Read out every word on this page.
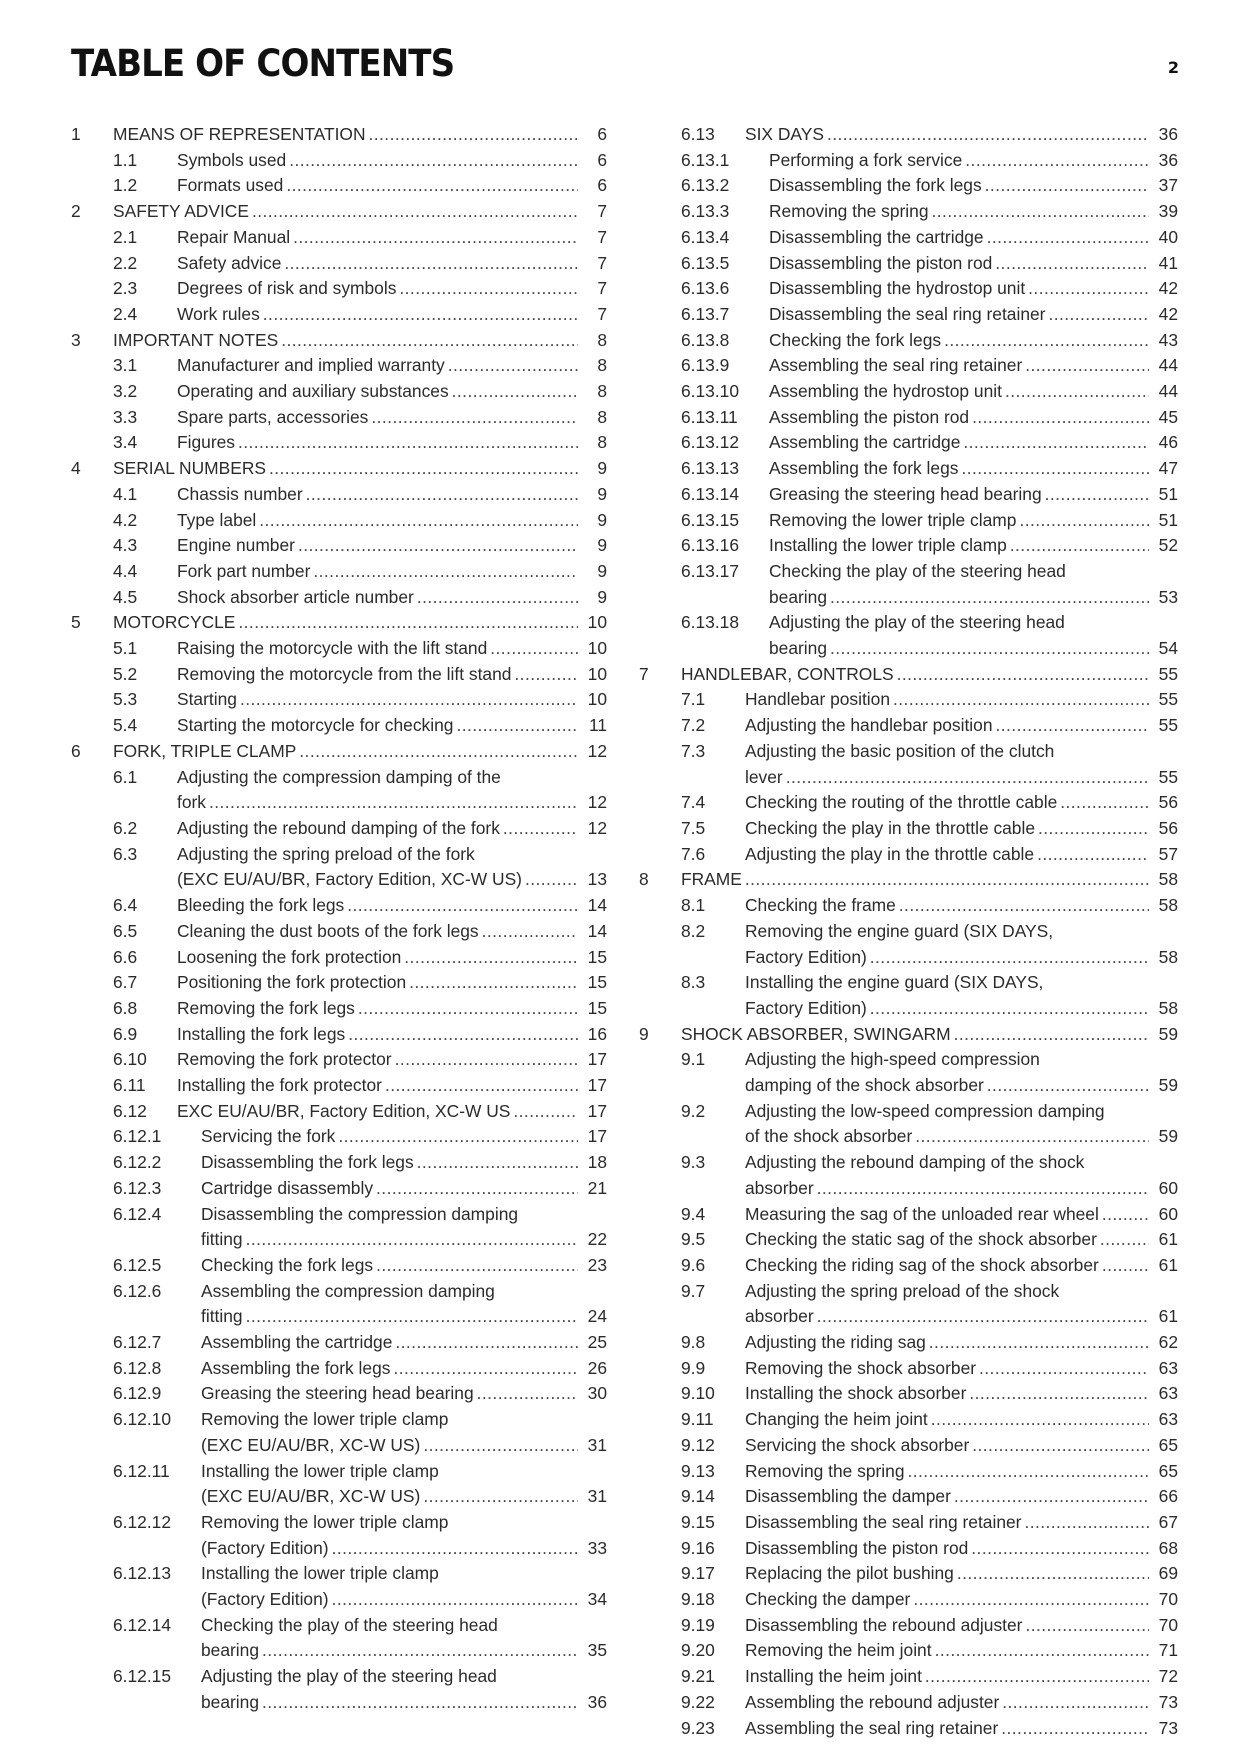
TABLE OF CONTENTS	2
1 MEANS OF REPRESENTATION . . .	6
1.1 Symbols used . . .	6
1.2 Formats used . . .	6
2 SAFETY ADVICE . . .	7
2.1 Repair Manual . . .	7
2.2 Safety advice . . .	7
2.3 Degrees of risk and symbols . . .	7
2.4 Work rules . . .	7
3 IMPORTANT NOTES . . .	8
3.1 Manufacturer and implied warranty . . .	8
3.2 Operating and auxiliary substances . . .	8
3.3 Spare parts, accessories . . .	8
3.4 Figures . . .	8
4 SERIAL NUMBERS . . .	9
4.1 Chassis number . . .	9
4.2 Type label . . .	9
4.3 Engine number . . .	9
4.4 Fork part number . . .	9
4.5 Shock absorber article number . . .	9
5 MOTORCYCLE . . .	10
5.1 Raising the motorcycle with the lift stand . . .	10
5.2 Removing the motorcycle from the lift stand . . .	10
5.3 Starting . . .	10
5.4 Starting the motorcycle for checking . . .	11
6 FORK, TRIPLE CLAMP . . .	12
6.1 Adjusting the compression damping of the
fork . . .	12
6.2 Adjusting the rebound damping of the fork . . .	12
6.3 Adjusting the spring preload of the fork
(EXC EU/AU/BR, Factory Edition, XC-W US) . . .	13
6.4 Bleeding the fork legs . . .	14
6.5 Cleaning the dust boots of the fork legs . . .	14
6.6 Loosening the fork protection . . .	15
6.7 Positioning the fork protection . . .	15
6.8 Removing the fork legs . . .	15
6.9 Installing the fork legs . . .	16
6.10 Removing the fork protector . . .	17
6.11 Installing the fork protector . . .	17
6.12 EXC EU/AU/BR, Factory Edition, XC-W US . . .	17
6.12.1 Servicing the fork . . .	17
6.12.2 Disassembling the fork legs . . .	18
6.12.3 Cartridge disassembly . . .	21
6.12.4 Disassembling the compression damping
fitting . . .	22
6.12.5 Checking the fork legs . . .	23
6.12.6 Assembling the compression damping
fitting . . .	24
6.12.7 Assembling the cartridge . . .	25
6.12.8 Assembling the fork legs . . .	26
6.12.9 Greasing the steering head bearing . . .	30
6.12.10 Removing the lower triple clamp
(EXC EU/AU/BR, XC-W US) . . .	31
6.12.11 Installing the lower triple clamp
(EXC EU/AU/BR, XC-W US) . . .	31
6.12.12 Removing the lower triple clamp
(Factory Edition) . . .	33
6.12.13 Installing the lower triple clamp
(Factory Edition) . . .	34
6.12.14 Checking the play of the steering head
bearing . . .	35
6.12.15 Adjusting the play of the steering head
bearing . . .	36
6.13 SIX DAYS . . .	36
6.13.1 Performing a fork service . . .	36
6.13.2 Disassembling the fork legs . . .	37
6.13.3 Removing the spring . . .	39
6.13.4 Disassembling the cartridge . . .	40
6.13.5 Disassembling the piston rod . . .	41
6.13.6 Disassembling the hydrostop unit . . .	42
6.13.7 Disassembling the seal ring retainer . . .	42
6.13.8 Checking the fork legs . . .	43
6.13.9 Assembling the seal ring retainer . . .	44
6.13.10 Assembling the hydrostop unit . . .	44
6.13.11 Assembling the piston rod . . .	45
6.13.12 Assembling the cartridge . . .	46
6.13.13 Assembling the fork legs . . .	47
6.13.14 Greasing the steering head bearing . . .	51
6.13.15 Removing the lower triple clamp . . .	51
6.13.16 Installing the lower triple clamp . . .	52
6.13.17 Checking the play of the steering head
bearing . . .	53
6.13.18 Adjusting the play of the steering head
bearing . . .	54
7 HANDLEBAR, CONTROLS . . .	55
7.1 Handlebar position . . .	55
7.2 Adjusting the handlebar position . . .	55
7.3 Adjusting the basic position of the clutch
lever . . .	55
7.4 Checking the routing of the throttle cable . . .	56
7.5 Checking the play in the throttle cable . . .	56
7.6 Adjusting the play in the throttle cable . . .	57
8 FRAME . . .	58
8.1 Checking the frame . . .	58
8.2 Removing the engine guard (SIX DAYS,
Factory Edition) . . .	58
8.3 Installing the engine guard (SIX DAYS,
Factory Edition) . . .	58
9 SHOCK ABSORBER, SWINGARM . . .	59
9.1 Adjusting the high-speed compression
damping of the shock absorber . . .	59
9.2 Adjusting the low-speed compression damping
of the shock absorber . . .	59
9.3 Adjusting the rebound damping of the shock
absorber . . .	60
9.4 Measuring the sag of the unloaded rear wheel . . .	60
9.5 Checking the static sag of the shock absorber . . .	61
9.6 Checking the riding sag of the shock absorber . . .	61
9.7 Adjusting the spring preload of the shock
absorber . . .	61
9.8 Adjusting the riding sag . . .	62
9.9 Removing the shock absorber . . .	63
9.10 Installing the shock absorber . . .	63
9.11 Changing the heim joint . . .	63
9.12 Servicing the shock absorber . . .	65
9.13 Removing the spring . . .	65
9.14 Disassembling the damper . . .	66
9.15 Disassembling the seal ring retainer . . .	67
9.16 Disassembling the piston rod . . .	68
9.17 Replacing the pilot bushing . . .	69
9.18 Checking the damper . . .	70
9.19 Disassembling the rebound adjuster . . .	70
9.20 Removing the heim joint . . .	71
9.21 Installing the heim joint . . .	72
9.22 Assembling the rebound adjuster . . .	73
9.23 Assembling the seal ring retainer . . .	73
